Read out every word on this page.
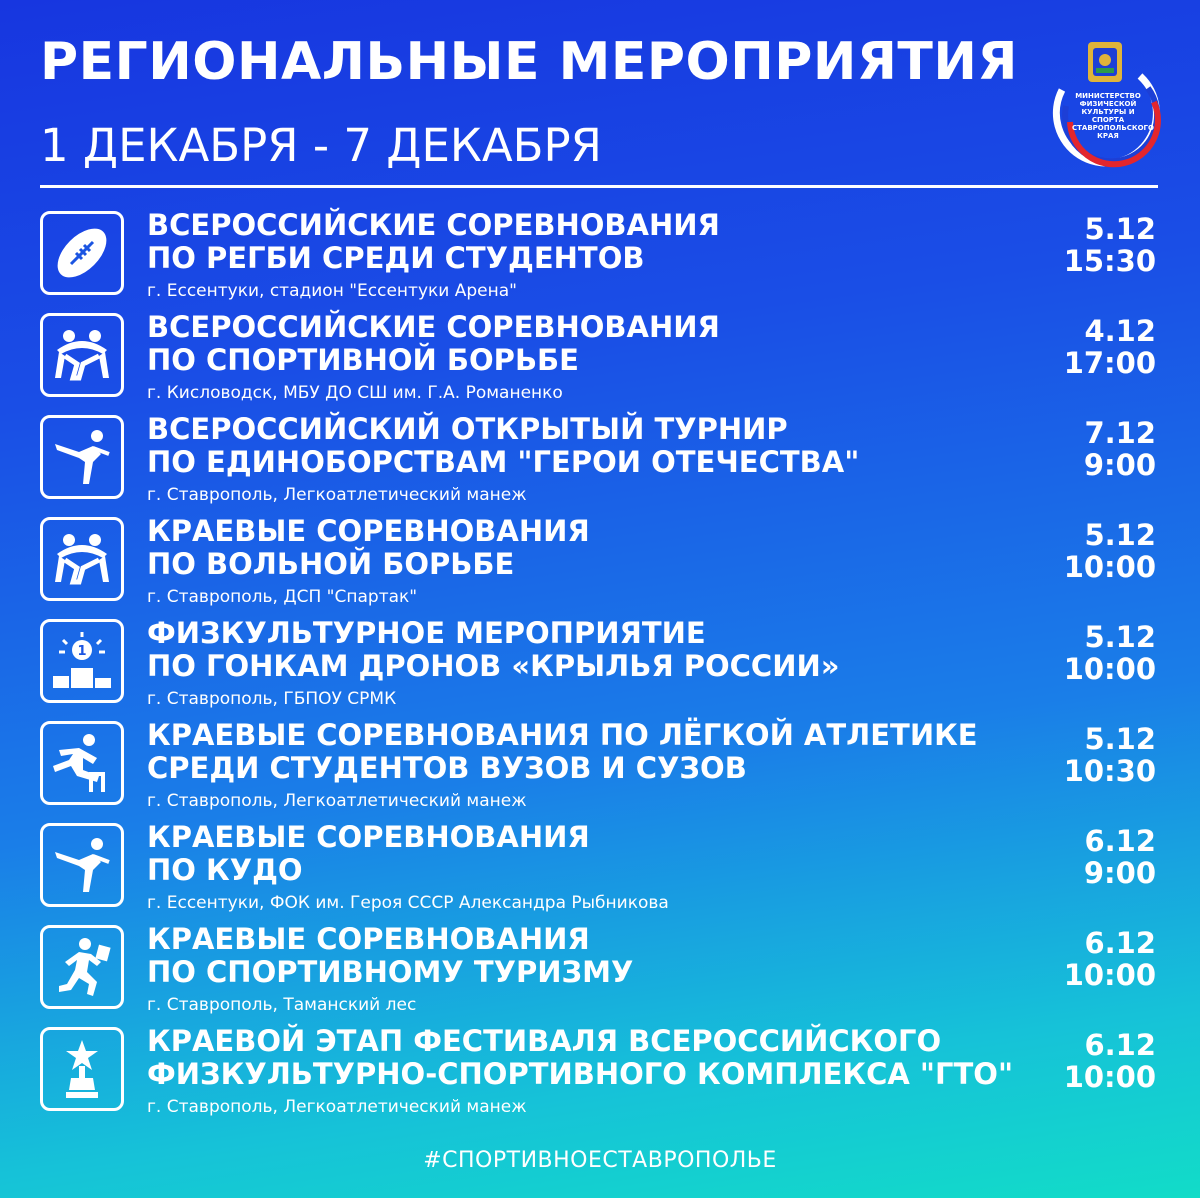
РЕГИОНАЛЬНЫЕ МЕРОПРИЯТИЯ
1 ДЕКАБРЯ - 7 ДЕКАБРЯ
МИНИСТЕРСТВО ФИЗИЧЕСКОЙ КУЛЬТУРЫ И СПОРТА СТАВРОПОЛЬСКОГО КРАЯ
ВСЕРОССИЙСКИЕ СОРЕВНОВАНИЯ
ПО РЕГБИ СРЕДИ СТУДЕНТОВ
г. Ессентуки, стадион "Ессентуки Арена"
5.12
15:30
ВСЕРОССИЙСКИЕ СОРЕВНОВАНИЯ
ПО СПОРТИВНОЙ БОРЬБЕ
г. Кисловодск, МБУ ДО СШ им. Г.А. Романенко
4.12
17:00
ВСЕРОССИЙСКИЙ ОТКРЫТЫЙ ТУРНИР
ПО ЕДИНОБОРСТВАМ "ГЕРОИ ОТЕЧЕСТВА"
г. Ставрополь, Легкоатлетический манеж
7.12
9:00
КРАЕВЫЕ СОРЕВНОВАНИЯ
ПО ВОЛЬНОЙ БОРЬБЕ
г. Ставрополь, ДСП "Спартак"
5.12
10:00
1
ФИЗКУЛЬТУРНОЕ МЕРОПРИЯТИЕ
ПО ГОНКАМ ДРОНОВ «КРЫЛЬЯ РОССИИ»
г. Ставрополь, ГБПОУ СРМК
5.12
10:00
КРАЕВЫЕ СОРЕВНОВАНИЯ ПО ЛЁГКОЙ АТЛЕТИКЕ
СРЕДИ СТУДЕНТОВ ВУЗОВ И СУЗОВ
г. Ставрополь, Легкоатлетический манеж
5.12
10:30
КРАЕВЫЕ СОРЕВНОВАНИЯ
ПО КУДО
г. Ессентуки, ФОК им. Героя СССР Александра Рыбникова
6.12
9:00
КРАЕВЫЕ СОРЕВНОВАНИЯ
ПО СПОРТИВНОМУ ТУРИЗМУ
г. Ставрополь, Таманский лес
6.12
10:00
КРАЕВОЙ ЭТАП ФЕСТИВАЛЯ ВСЕРОССИЙСКОГО
ФИЗКУЛЬТУРНО-СПОРТИВНОГО КОМПЛЕКСА "ГТО"
г. Ставрополь, Легкоатлетический манеж
6.12
10:00
#СПОРТИВНОЕСТАВРОПОЛЬЕ
